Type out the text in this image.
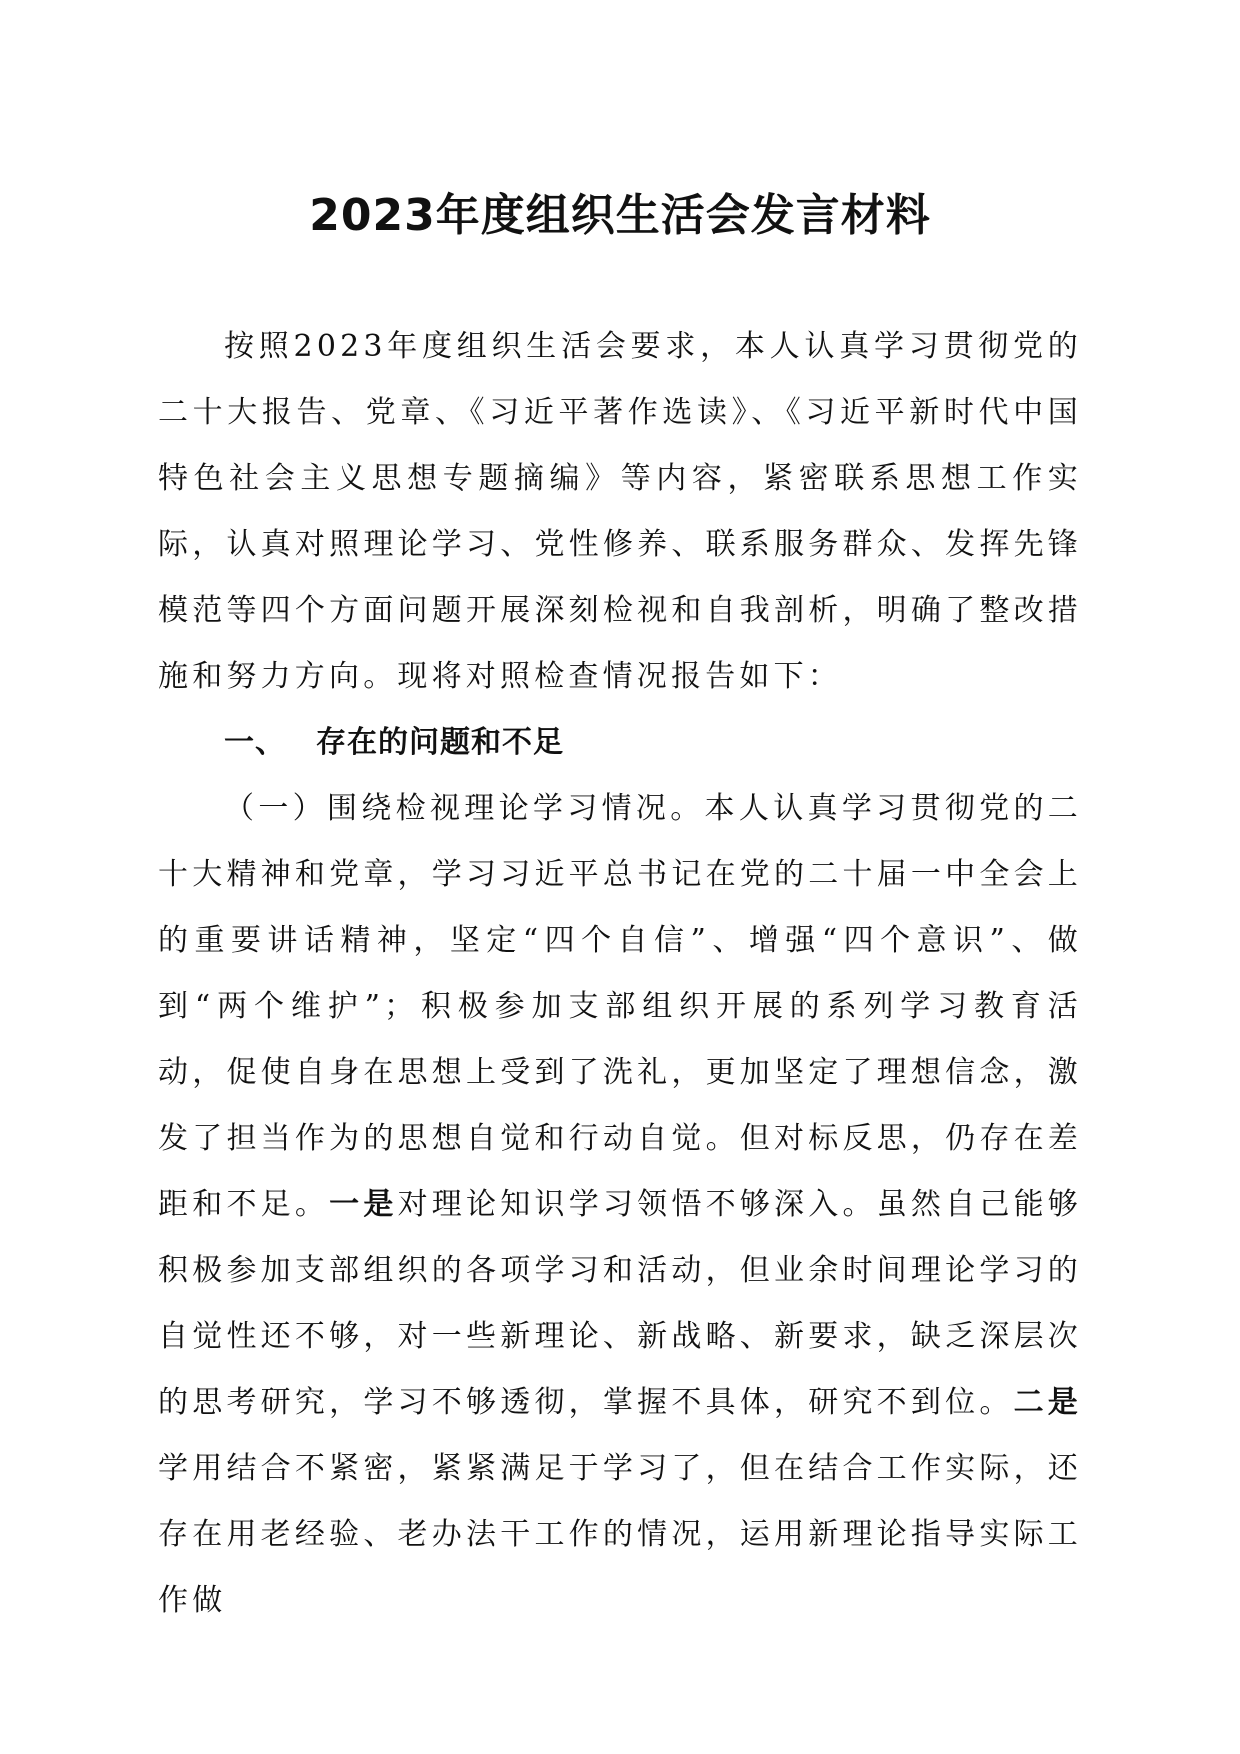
2023年度组织生活会发言材料

按照2023年度组织生活会要求，本人认真学习贯彻党的二十大报告、党章、《习近平著作选读》、《习近平新时代中国特色社会主义思想专题摘编》等内容，紧密联系思想工作实际，认真对照理论学习、党性修养、联系服务群众、发挥先锋模范等四个方面问题开展深刻检视和自我剖析，明确了整改措施和努力方向。现将对照检查情况报告如下：

一、 存在的问题和不足

（一）围绕检视理论学习情况。本人认真学习贯彻党的二十大精神和党章，学习习近平总书记在党的二十届一中全会上的重要讲话精神，坚定“四个自信”、增强“四个意识”、做到“两个维护”；积极参加支部组织开展的系列学习教育活动，促使自身在思想上受到了洗礼，更加坚定了理想信念，激发了担当作为的思想自觉和行动自觉。但对标反思，仍存在差距和不足。一是对理论知识学习领悟不够深入。虽然自己能够积极参加支部组织的各项学习和活动，但业余时间理论学习的自觉性还不够，对一些新理论、新战略、新要求，缺乏深层次的思考研究，学习不够透彻，掌握不具体，研究不到位。二是学用结合不紧密，紧紧满足于学习了，但在结合工作实际，还存在用老经验、老办法干工作的情况，运用新理论指导实际工作做
